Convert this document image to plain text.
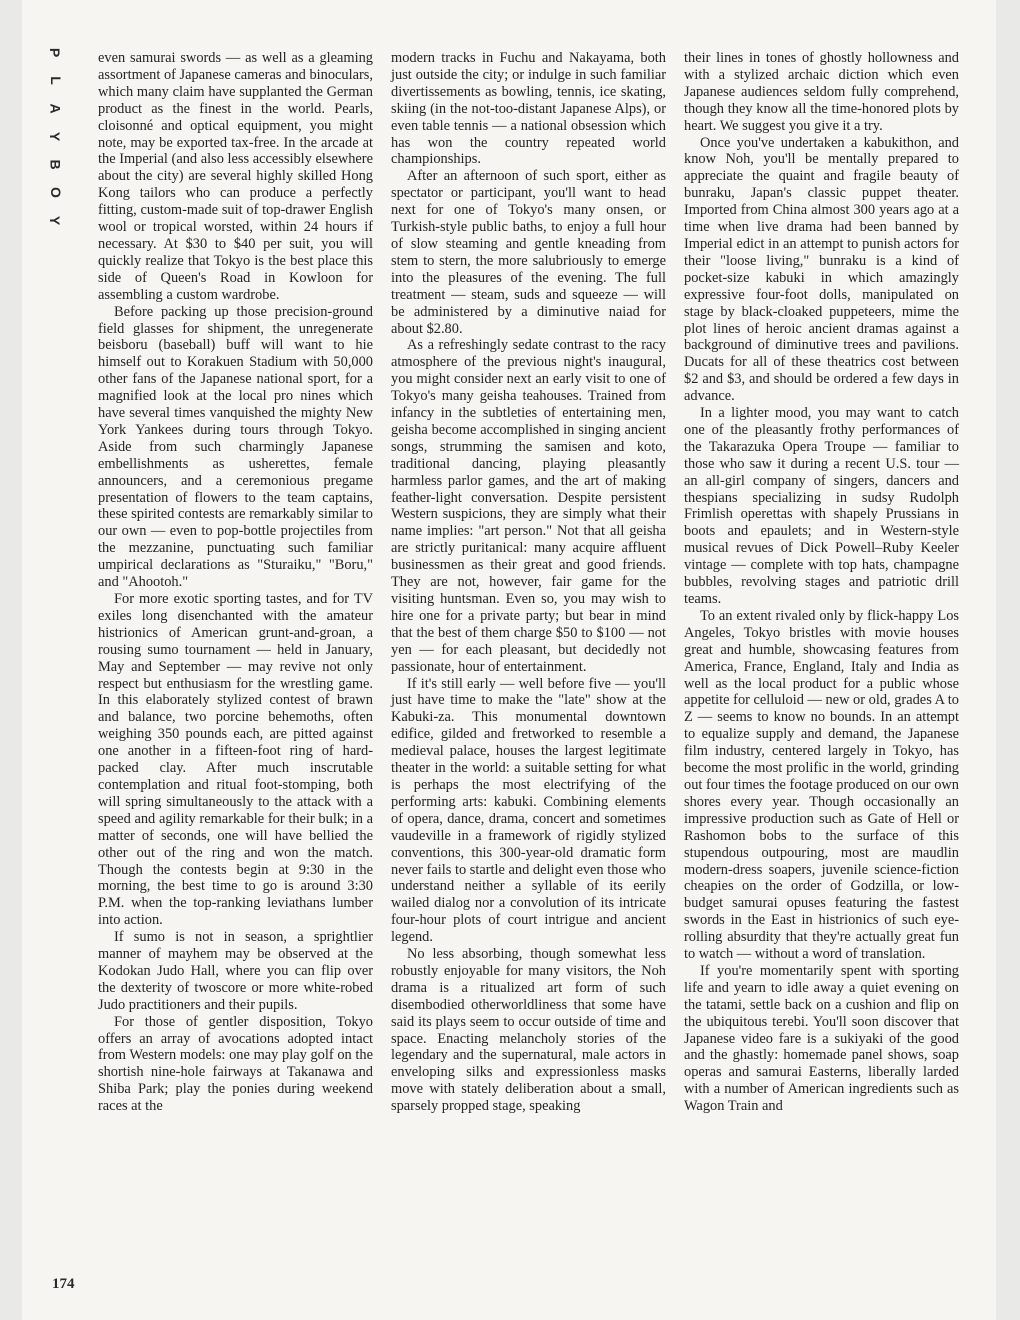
P
L
A
Y
B
O
Y

even samurai swords — as well as a gleaming assortment of Japanese cameras and binoculars, which many claim have supplanted the German product as the finest in the world. Pearls, cloisonné and optical equipment, you might note, may be exported tax-free. In the arcade at the Imperial (and also less accessibly elsewhere about the city) are several highly skilled Hong Kong tailors who can produce a perfectly fitting, custom-made suit of top-drawer English wool or tropical worsted, within 24 hours if necessary. At $30 to $40 per suit, you will quickly realize that Tokyo is the best place this side of Queen's Road in Kowloon for assembling a custom wardrobe.

Before packing up those precision-ground field glasses for shipment, the unregenerate beisboru (baseball) buff will want to hie himself out to Korakuen Stadium with 50,000 other fans of the Japanese national sport, for a magnified look at the local pro nines which have several times vanquished the mighty New York Yankees during tours through Tokyo. Aside from such charmingly Japanese embellishments as usherettes, female announcers, and a ceremonious pregame presentation of flowers to the team captains, these spirited contests are remarkably similar to our own — even to pop-bottle projectiles from the mezzanine, punctuating such familiar umpirical declarations as "Sturaiku," "Boru," and "Ahootoh."

For more exotic sporting tastes, and for TV exiles long disenchanted with the amateur histrionics of American grunt-and-groan, a rousing sumo tournament — held in January, May and September — may revive not only respect but enthusiasm for the wrestling game. In this elaborately stylized contest of brawn and balance, two porcine behemoths, often weighing 350 pounds each, are pitted against one another in a fifteen-foot ring of hard-packed clay. After much inscrutable contemplation and ritual foot-stomping, both will spring simultaneously to the attack with a speed and agility remarkable for their bulk; in a matter of seconds, one will have bellied the other out of the ring and won the match. Though the contests begin at 9:30 in the morning, the best time to go is around 3:30 P.M. when the top-ranking leviathans lumber into action.

If sumo is not in season, a sprightlier manner of mayhem may be observed at the Kodokan Judo Hall, where you can flip over the dexterity of twoscore or more white-robed Judo practitioners and their pupils.

For those of gentler disposition, Tokyo offers an array of avocations adopted intact from Western models: one may play golf on the shortish nine-hole fairways at Takanawa and Shiba Park; play the ponies during weekend races at the

modern tracks in Fuchu and Nakayama, both just outside the city; or indulge in such familiar divertissements as bowling, tennis, ice skating, skiing (in the not-too-distant Japanese Alps), or even table tennis — a national obsession which has won the country repeated world championships.

After an afternoon of such sport, either as spectator or participant, you'll want to head next for one of Tokyo's many onsen, or Turkish-style public baths, to enjoy a full hour of slow steaming and gentle kneading from stem to stern, the more salubriously to emerge into the pleasures of the evening. The full treatment — steam, suds and squeeze — will be administered by a diminutive naiad for about $2.80.

As a refreshingly sedate contrast to the racy atmosphere of the previous night's inaugural, you might consider next an early visit to one of Tokyo's many geisha teahouses. Trained from infancy in the subtleties of entertaining men, geisha become accomplished in singing ancient songs, strumming the samisen and koto, traditional dancing, playing pleasantly harmless parlor games, and the art of making feather-light conversation. Despite persistent Western suspicions, they are simply what their name implies: "art person." Not that all geisha are strictly puritanical: many acquire affluent businessmen as their great and good friends. They are not, however, fair game for the visiting huntsman. Even so, you may wish to hire one for a private party; but bear in mind that the best of them charge $50 to $100 — not yen — for each pleasant, but decidedly not passionate, hour of entertainment.

If it's still early — well before five — you'll just have time to make the "late" show at the Kabuki-za. This monumental downtown edifice, gilded and fretworked to resemble a medieval palace, houses the largest legitimate theater in the world: a suitable setting for what is perhaps the most electrifying of the performing arts: kabuki. Combining elements of opera, dance, drama, concert and sometimes vaudeville in a framework of rigidly stylized conventions, this 300-year-old dramatic form never fails to startle and delight even those who understand neither a syllable of its eerily wailed dialog nor a convolution of its intricate four-hour plots of court intrigue and ancient legend.

No less absorbing, though somewhat less robustly enjoyable for many visitors, the Noh drama is a ritualized art form of such disembodied otherworldliness that some have said its plays seem to occur outside of time and space. Enacting melancholy stories of the legendary and the supernatural, male actors in enveloping silks and expressionless masks move with stately deliberation about a small, sparsely propped stage, speaking

their lines in tones of ghostly hollowness and with a stylized archaic diction which even Japanese audiences seldom fully comprehend, though they know all the time-honored plots by heart. We suggest you give it a try.

Once you've undertaken a kabukithon, and know Noh, you'll be mentally prepared to appreciate the quaint and fragile beauty of bunraku, Japan's classic puppet theater. Imported from China almost 300 years ago at a time when live drama had been banned by Imperial edict in an attempt to punish actors for their "loose living," bunraku is a kind of pocket-size kabuki in which amazingly expressive four-foot dolls, manipulated on stage by black-cloaked puppeteers, mime the plot lines of heroic ancient dramas against a background of diminutive trees and pavilions. Ducats for all of these theatrics cost between $2 and $3, and should be ordered a few days in advance.

In a lighter mood, you may want to catch one of the pleasantly frothy performances of the Takarazuka Opera Troupe — familiar to those who saw it during a recent U.S. tour — an all-girl company of singers, dancers and thespians specializing in sudsy Rudolph Frimlish operettas with shapely Prussians in boots and epaulets; and in Western-style musical revues of Dick Powell–Ruby Keeler vintage — complete with top hats, champagne bubbles, revolving stages and patriotic drill teams.

To an extent rivaled only by flick-happy Los Angeles, Tokyo bristles with movie houses great and humble, showcasing features from America, France, England, Italy and India as well as the local product for a public whose appetite for celluloid — new or old, grades A to Z — seems to know no bounds. In an attempt to equalize supply and demand, the Japanese film industry, centered largely in Tokyo, has become the most prolific in the world, grinding out four times the footage produced on our own shores every year. Though occasionally an impressive production such as Gate of Hell or Rashomon bobs to the surface of this stupendous outpouring, most are maudlin modern-dress soapers, juvenile science-fiction cheapies on the order of Godzilla, or low-budget samurai opuses featuring the fastest swords in the East in histrionics of such eye-rolling absurdity that they're actually great fun to watch — without a word of translation.

If you're momentarily spent with sporting life and yearn to idle away a quiet evening on the tatami, settle back on a cushion and flip on the ubiquitous terebi. You'll soon discover that Japanese video fare is a sukiyaki of the good and the ghastly: homemade panel shows, soap operas and samurai Easterns, liberally larded with a number of American ingredients such as Wagon Train and

174
